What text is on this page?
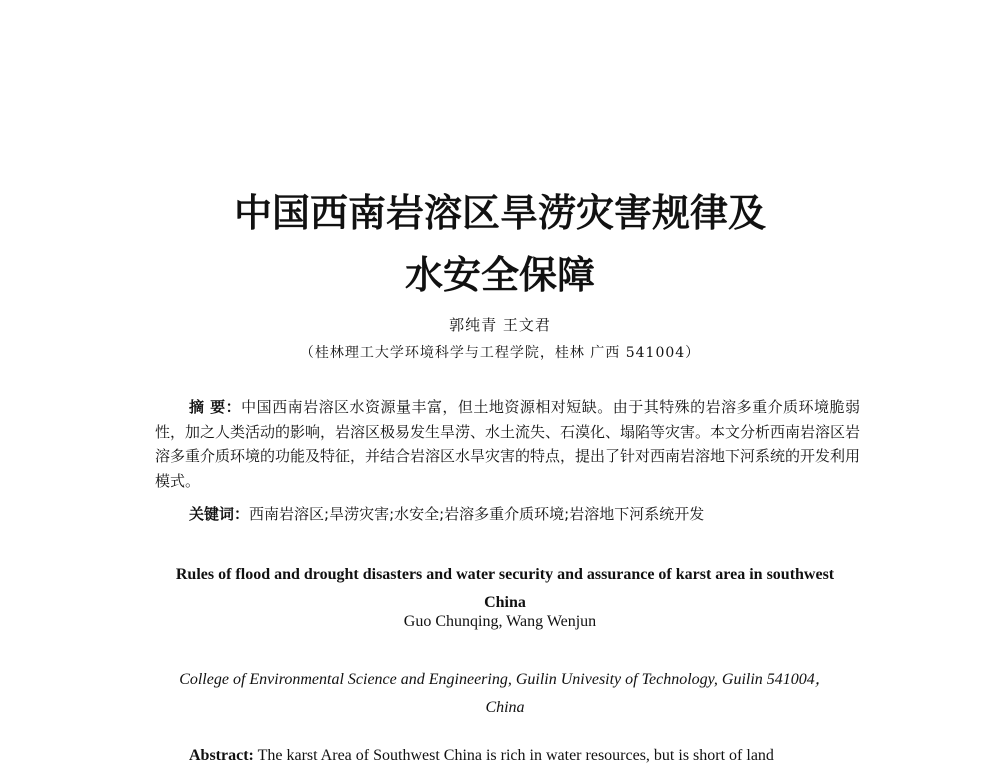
中国西南岩溶区旱涝灾害规律及
水安全保障
郭纯青 王文君
（桂林理工大学环境科学与工程学院，桂林 广西 541004）
摘 要：中国西南岩溶区水资源量丰富，但土地资源相对短缺。由于其特殊的岩溶多重介质环境脆弱性，加之人类活动的影响，岩溶区极易发生旱涝、水土流失、石漠化、塌陷等灾害。本文分析西南岩溶区岩溶多重介质环境的功能及特征，并结合岩溶区水旱灾害的特点，提出了针对西南岩溶地下河系统的开发利用模式。
关键词：西南岩溶区;旱涝灾害;水安全;岩溶多重介质环境;岩溶地下河系统开发
Rules of flood and drought disasters and water security and assurance of karst area in southwest China
Guo Chunqing, Wang Wenjun
College of Environmental Science and Engineering, Guilin Univesity of Technology, Guilin 541004，China
Abstract: The karst Area of Southwest China is rich in water resources, but is short of land
